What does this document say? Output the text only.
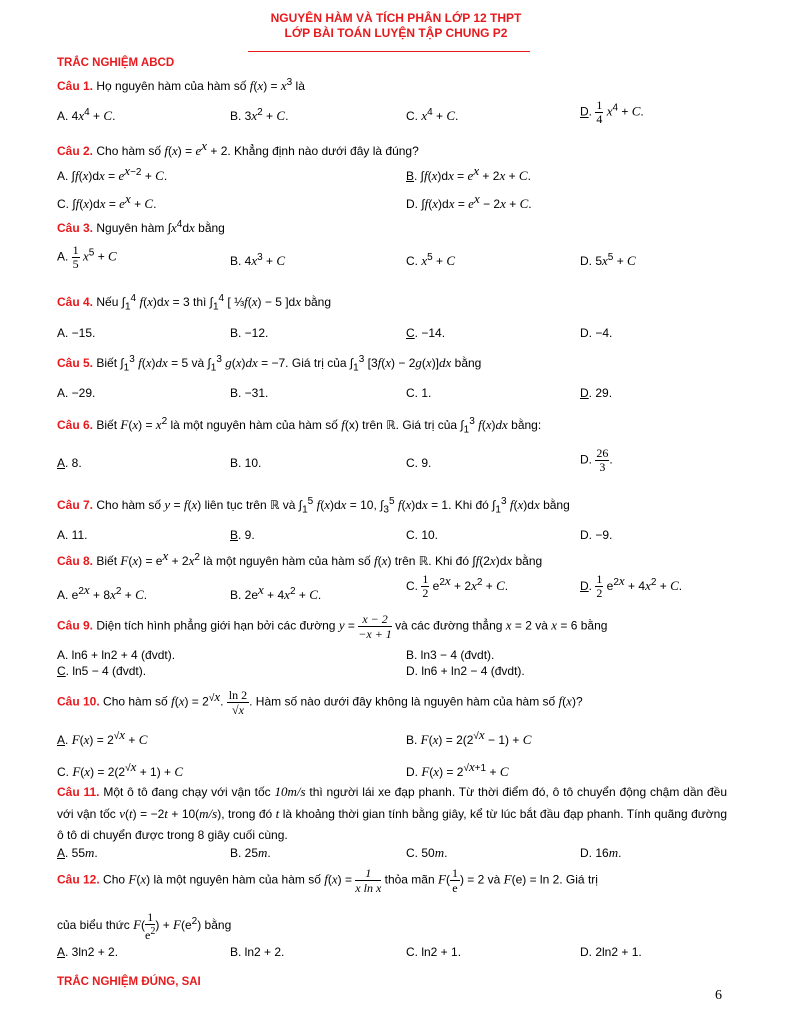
NGUYÊN HÀM VÀ TÍCH PHÂN LỚP 12 THPT
LỚP BÀI TOÁN LUYỆN TẬP CHUNG P2
TRẮC NGHIỆM ABCD
Câu 1. Họ nguyên hàm của hàm số $f(x) = x^3$ là
A. $4x^4 + C$.	B. $3x^2 + C$.	C. $x^4 + C$.	D. $\frac{1}{4} x^4 + C$.
Câu 2. Cho hàm số $f(x) = e^x + 2$. Khẳng định nào dưới đây là đúng?
A. $\int f(x)dx = e^{x-2} + C$.	B. $\int f(x)dx = e^x + 2x + C$.
C. $\int f(x)dx = e^x + C$.	D. $\int f(x)dx = e^x - 2x + C$.
Câu 3. Nguyên hàm $\int x^4dx$ bằng
A. $\frac{1}{5} x^5 + C$	B. $4x^3 + C$	C. $x^5 + C$	D. $5x^5 + C$
Câu 4. Nếu $\int_1^4$ f(x)dx = 3 thì $\int_1^4$ [ ⅓f(x) − 5 ]dx bằng
A. −15.	B. −12.	C. −14.	D. −4.
Câu 5. Biết $\int_1^3$ f(x)dx = 5 và $\int_1^3$ g(x)dx = −7. Giá trị của $\int_1^3$ [3f(x) − 2g(x)]dx bằng
A. −29.	B. −31.	C. 1.	D. 29.
Câu 6. Biết $F(x) = x^2$ là một nguyên hàm của hàm số f(x) trên ℝ. Giá trị của $\int_1^3$ f(x)dx bằng:
A. 8.	B. 10.	C. 9.	D. $\frac{26}{3}$ .
Câu 7. Cho hàm số y = f(x) liên tục trên ℝ và $\int_1^5$ f(x)dx = 10, $\int_3^5$ f(x)dx = 1. Khi đó $\int_1^3$ f(x)dx bằng
A. 11.	B. 9.	C. 10.	D. −9.
Câu 8. Biết $F(x) = e^x + 2x^2$ là một nguyên hàm của hàm số f(x) trên ℝ. Khi đó ∫f(2x)dx bằng
A. $e^{2x} + 8x^2 + C$.	B. $2e^x + 4x^2 + C$.
C. $\frac{1}{2} e^{2x} + 2x^2 + C$.	D. $\frac{1}{2} e^{2x} + 4x^2 + C$.
Câu 9. Diện tích hình phẳng giới hạn bởi các đường $y = \frac{x - 2}{-x + 1}$ và các đường thẳng x = 2 và x = 6 bằng
A. ln6 + ln2 + 4 (đvdt).	B. ln3 − 4 (đvdt).
C. ln5 − 4 (đvdt).	D. ln6 + ln2 − 4 (đvdt).
Câu 10. Cho hàm số $f(x) = 2^{√x}$. $\frac{\ln 2}{√x}$ . Hàm số nào dưới đây không là nguyên hàm của hàm số f(x)?
A. $F(x) = 2^{√x} + C$	B. $F(x) = 2(2^{√x} - 1) + C$
C. $F(x) = 2(2^{√x} + 1) + C$	D. $F(x) = 2^{√x+1} + C$
Câu 11. Một ô tô đang chạy với vận tốc 10m/s thì người lái xe đạp phanh. Từ thời điểm đó, ô tô chuyển động chậm dần đều với vận tốc v(t) = −2t + 10(m/s), trong đó t là khoảng thời gian tính bằng giây, kể từ lúc bắt đầu đạp phanh. Tính quãng đường ô tô di chuyển được trong 8 giây cuối cùng.
A. 55m.	B. 25m.	C. 50m.	D. 16m.
Câu 12. Cho F(x) là một nguyên hàm của hàm số $f(x) = \frac{1}{\text{x ln x}}$ thỏa mãn $F( \frac{1}{e}$ ) = 2 và F(e) = ln 2. Giá trị
của biểu thức $F( \frac{1}{e^2}$ ) + $F(e^2)$ bằng
A. 3ln2 + 2.	B. ln2 + 2.	C. ln2 + 1.	D. 2ln2 + 1.
TRẮC NGHIỆM ĐÚNG, SAI
6
